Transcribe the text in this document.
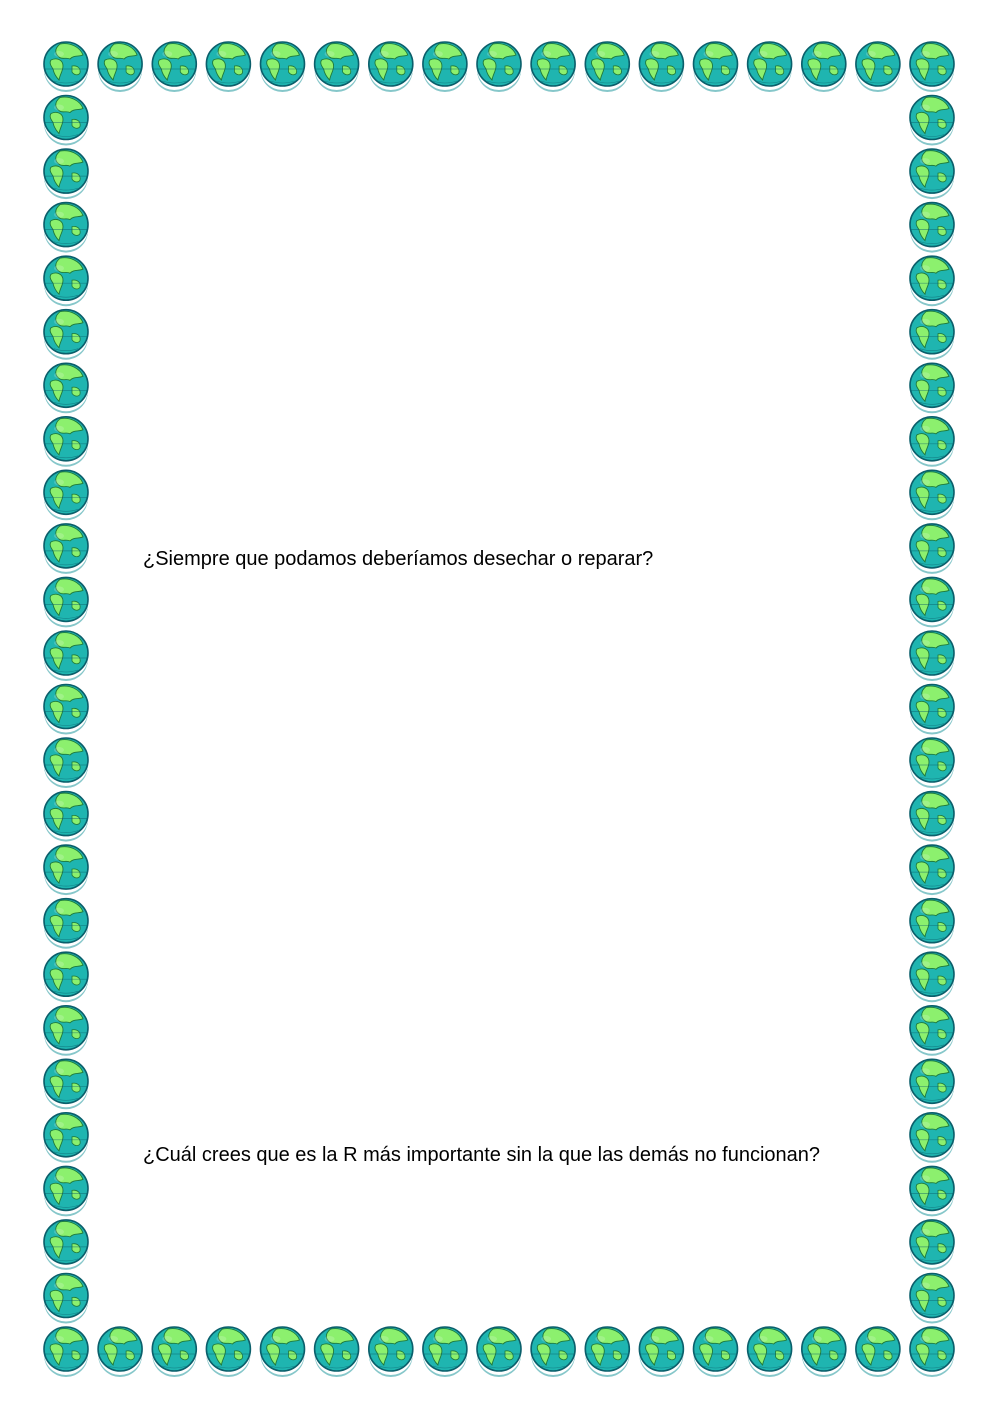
¿Siempre que podamos deberíamos desechar o reparar?

¿Cuál crees que es la R más importante sin la que las demás no funcionan?
